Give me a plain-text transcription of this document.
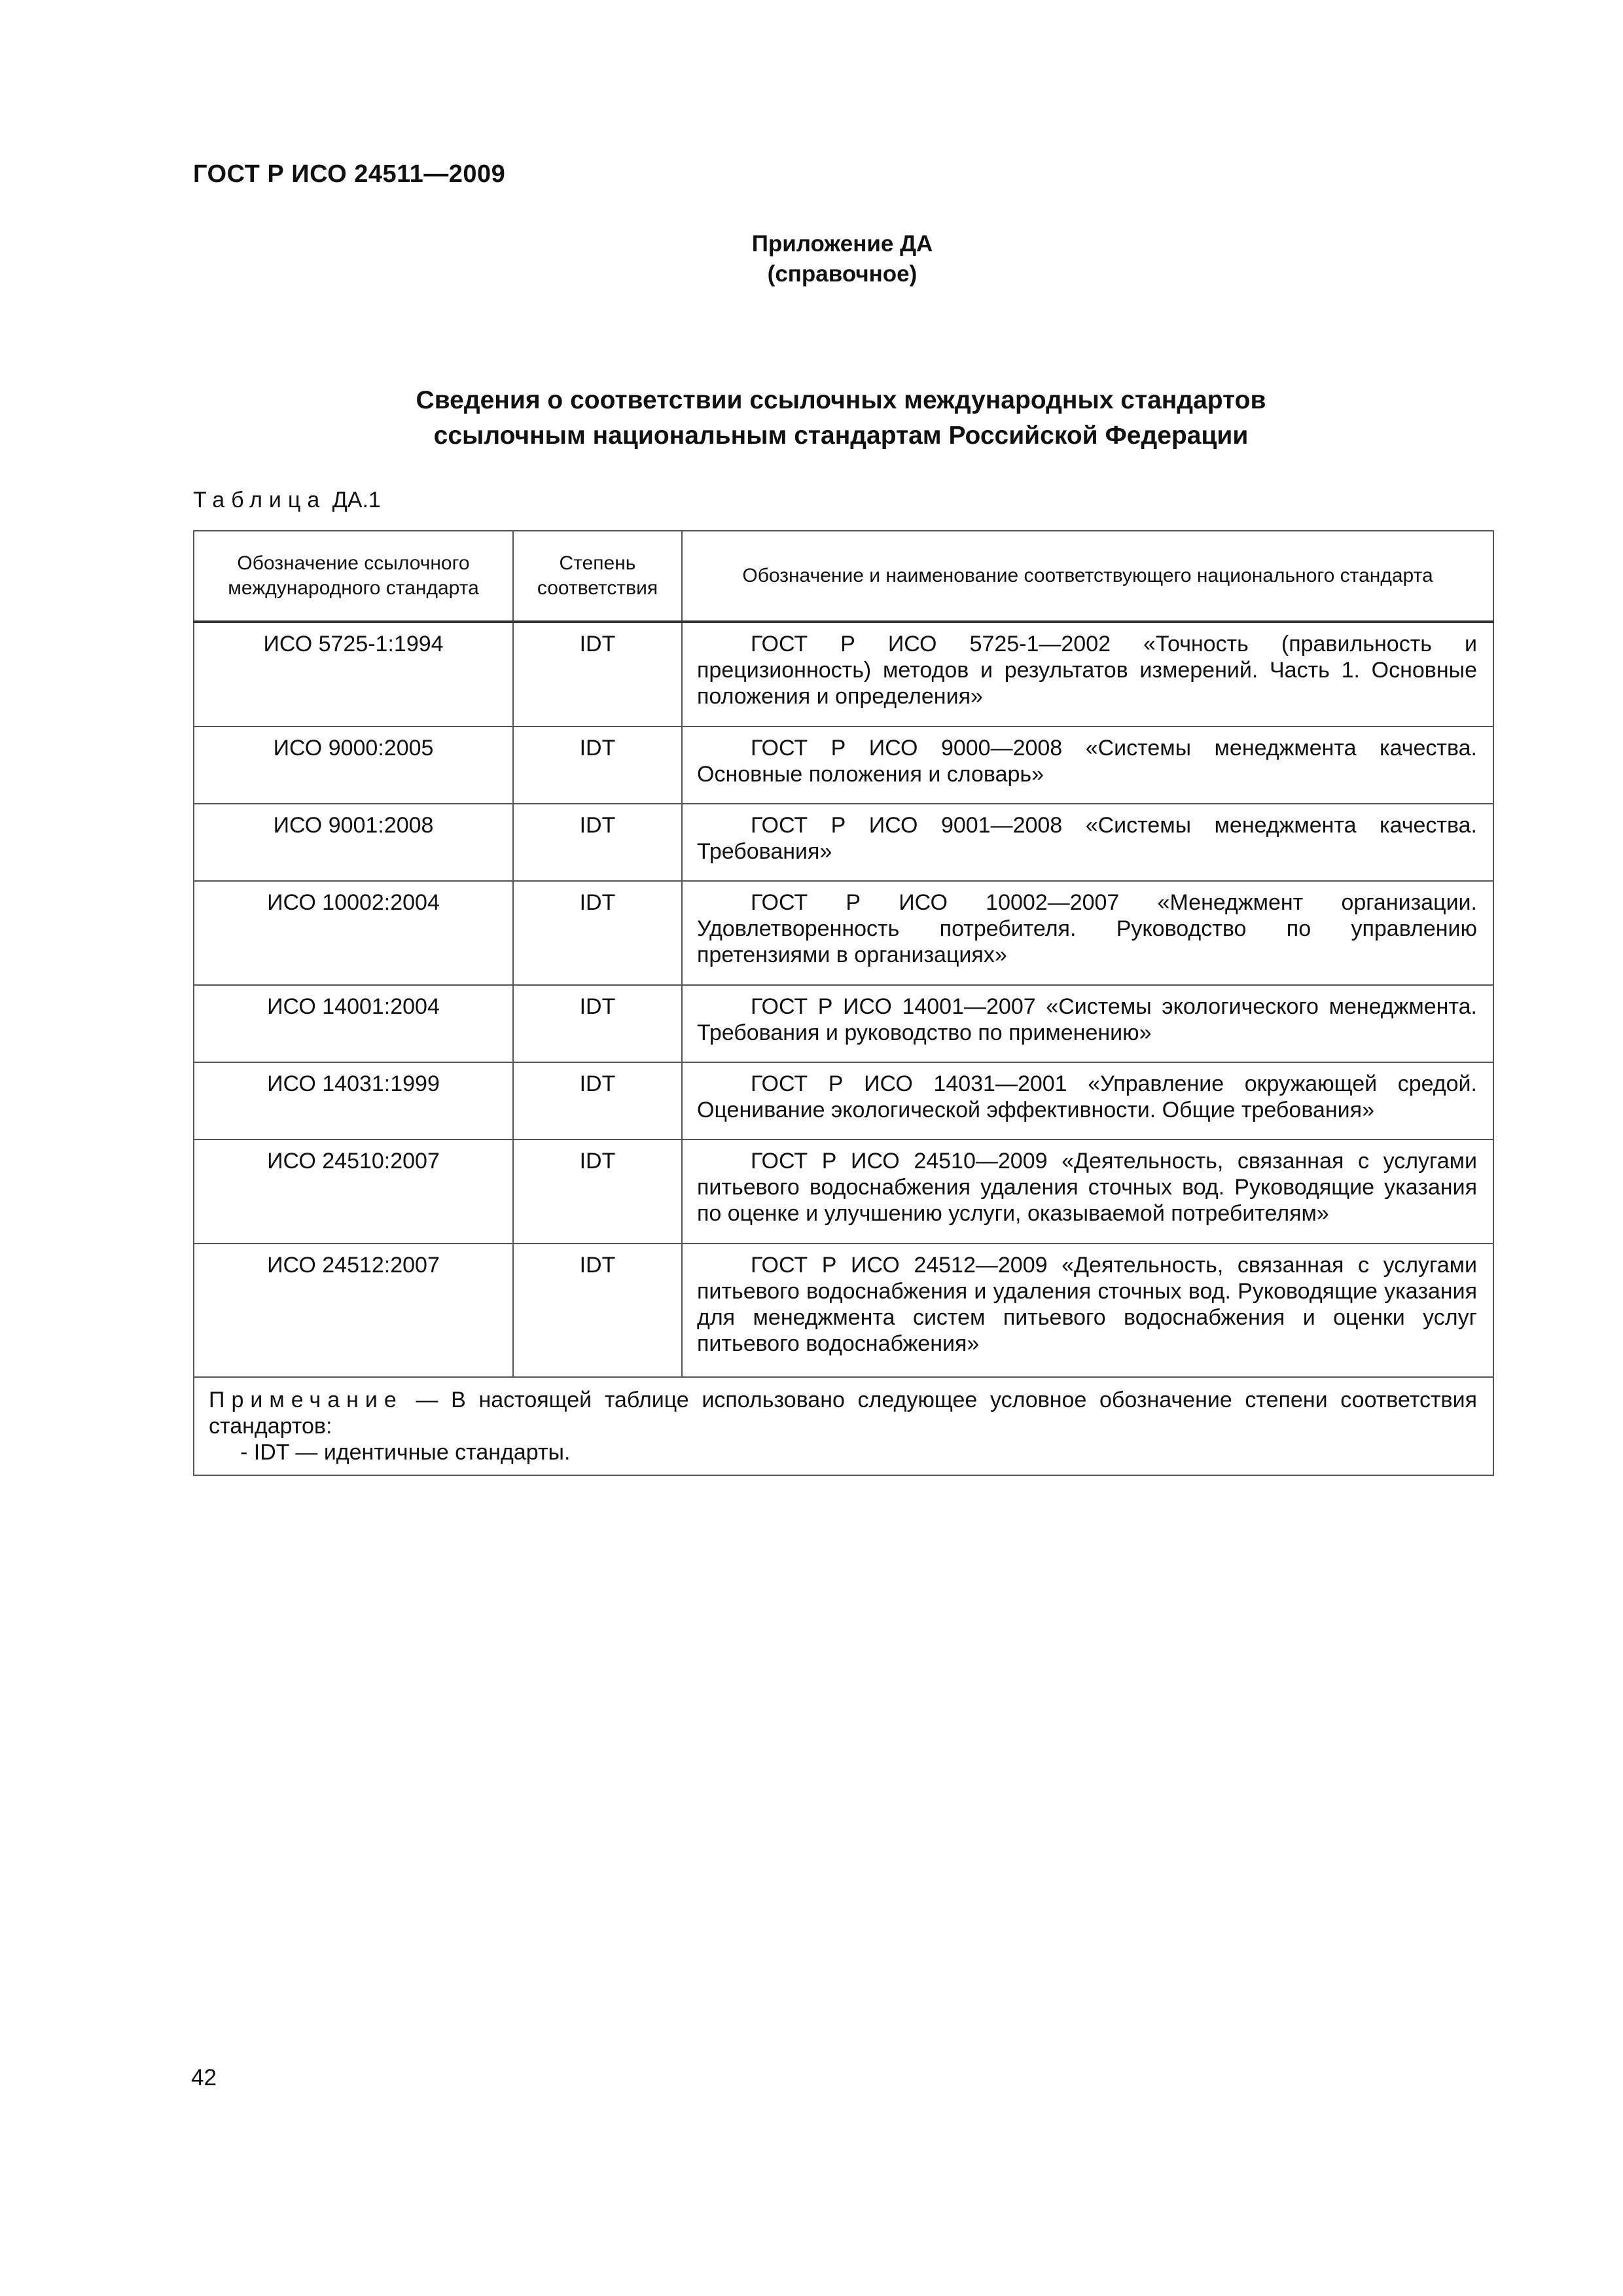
ГОСТ Р ИСО 24511—2009
Приложение ДА
(справочное)
Сведения о соответствии ссылочных международных стандартов
ссылочным национальным стандартам Российской Федерации
Таблица ДА.1
Обозначение ссылочного международного стандарта	Степень соответствия	Обозначение и наименование соответствующего национального стандарта
ИСО 5725-1:1994	IDT	ГОСТ Р ИСО 5725-1—2002 «Точность (правильность и прецизионность) методов и результатов измерений. Часть 1. Основные положения и определения»
ИСО 9000:2005	IDT	ГОСТ Р ИСО 9000—2008 «Системы менеджмента качества. Основные положения и словарь»
ИСО 9001:2008	IDT	ГОСТ Р ИСО 9001—2008 «Системы менеджмента качества. Требования»
ИСО 10002:2004	IDT	ГОСТ Р ИСО 10002—2007 «Менеджмент организации. Удовлетворенность потребителя. Руководство по управлению претензиями в организациях»
ИСО 14001:2004	IDT	ГОСТ Р ИСО 14001—2007 «Системы экологического менеджмента. Требования и руководство по применению»
ИСО 14031:1999	IDT	ГОСТ Р ИСО 14031—2001 «Управление окружающей средой. Оценивание экологической эффективности. Общие требования»
ИСО 24510:2007	IDT	ГОСТ Р ИСО 24510—2009 «Деятельность, связанная с услугами питьевого водоснабжения удаления сточных вод. Руководящие указания по оценке и улучшению услуги, оказываемой потребителям»
ИСО 24512:2007	IDT	ГОСТ Р ИСО 24512—2009 «Деятельность, связанная с услугами питьевого водоснабжения и удаления сточных вод. Руководящие указания для менеджмента систем питьевого водоснабжения и оценки услуг питьевого водоснабжения»
Примечание — В настоящей таблице использовано следующее условное обозначение степени соответствия стандартов:
- IDT — идентичные стандарты.		
42
